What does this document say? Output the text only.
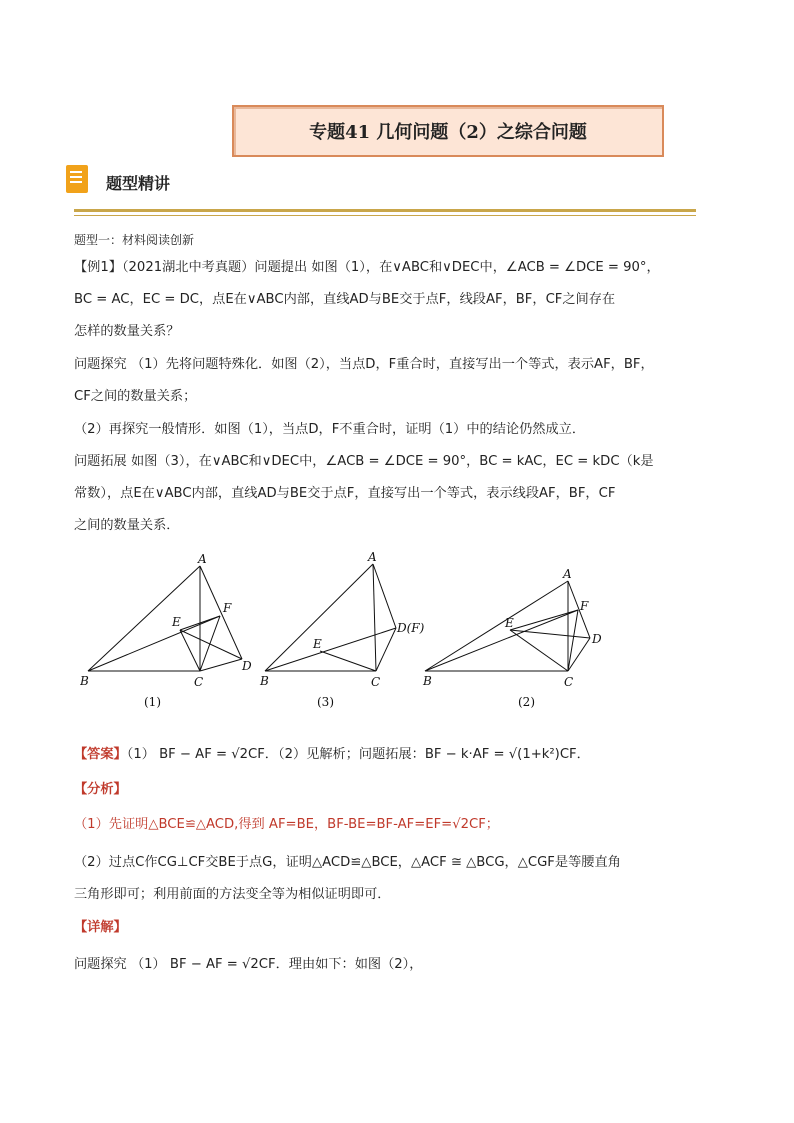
专题41 几何问题（2）之综合问题
题型精讲
题型一：材料阅读创新
【例1】（2021湖北中考真题）问题提出 如图（1），在∨ABC和∨DEC中，∠ACB = ∠DCE = 90°，
BC = AC，EC = DC，点E在∨ABC内部，直线AD与BE交于点F，线段AF，BF，CF之间存在
怎样的数量关系？
问题探究 （1）先将问题特殊化．如图（2），当点D，F重合时，直接写出一个等式，表示AF，BF，
CF之间的数量关系；
（2）再探究一般情形．如图（1），当点D，F不重合时，证明（1）中的结论仍然成立．
问题拓展 如图（3），在∨ABC和∨DEC中，∠ACB = ∠DCE = 90°，BC = kAC，EC = kDC（k是
常数），点E在∨ABC内部，直线AD与BE交于点F，直接写出一个等式，表示线段AF，BF，CF
之间的数量关系．
A
B	C
D
E
F
(1)
A
B	C
E
D(F)
(3)
A
B	C
D
E
F
(2)
【答案】（1） BF − AF = √2CF．（2）见解析；问题拓展：BF − k·AF = √(1+k²)CF．
【分析】
（1）先证明△BCE≌△ACD,得到 AF=BE，BF-BE=BF-AF=EF=√2CF；
（2）过点C作CG⊥CF交BE于点G，证明△ACD≌△BCE，△ACF ≅ △BCG，△CGF是等腰直角
三角形即可；利用前面的方法变全等为相似证明即可．
【详解】
问题探究 （1） BF − AF = √2CF．理由如下：如图（2），
